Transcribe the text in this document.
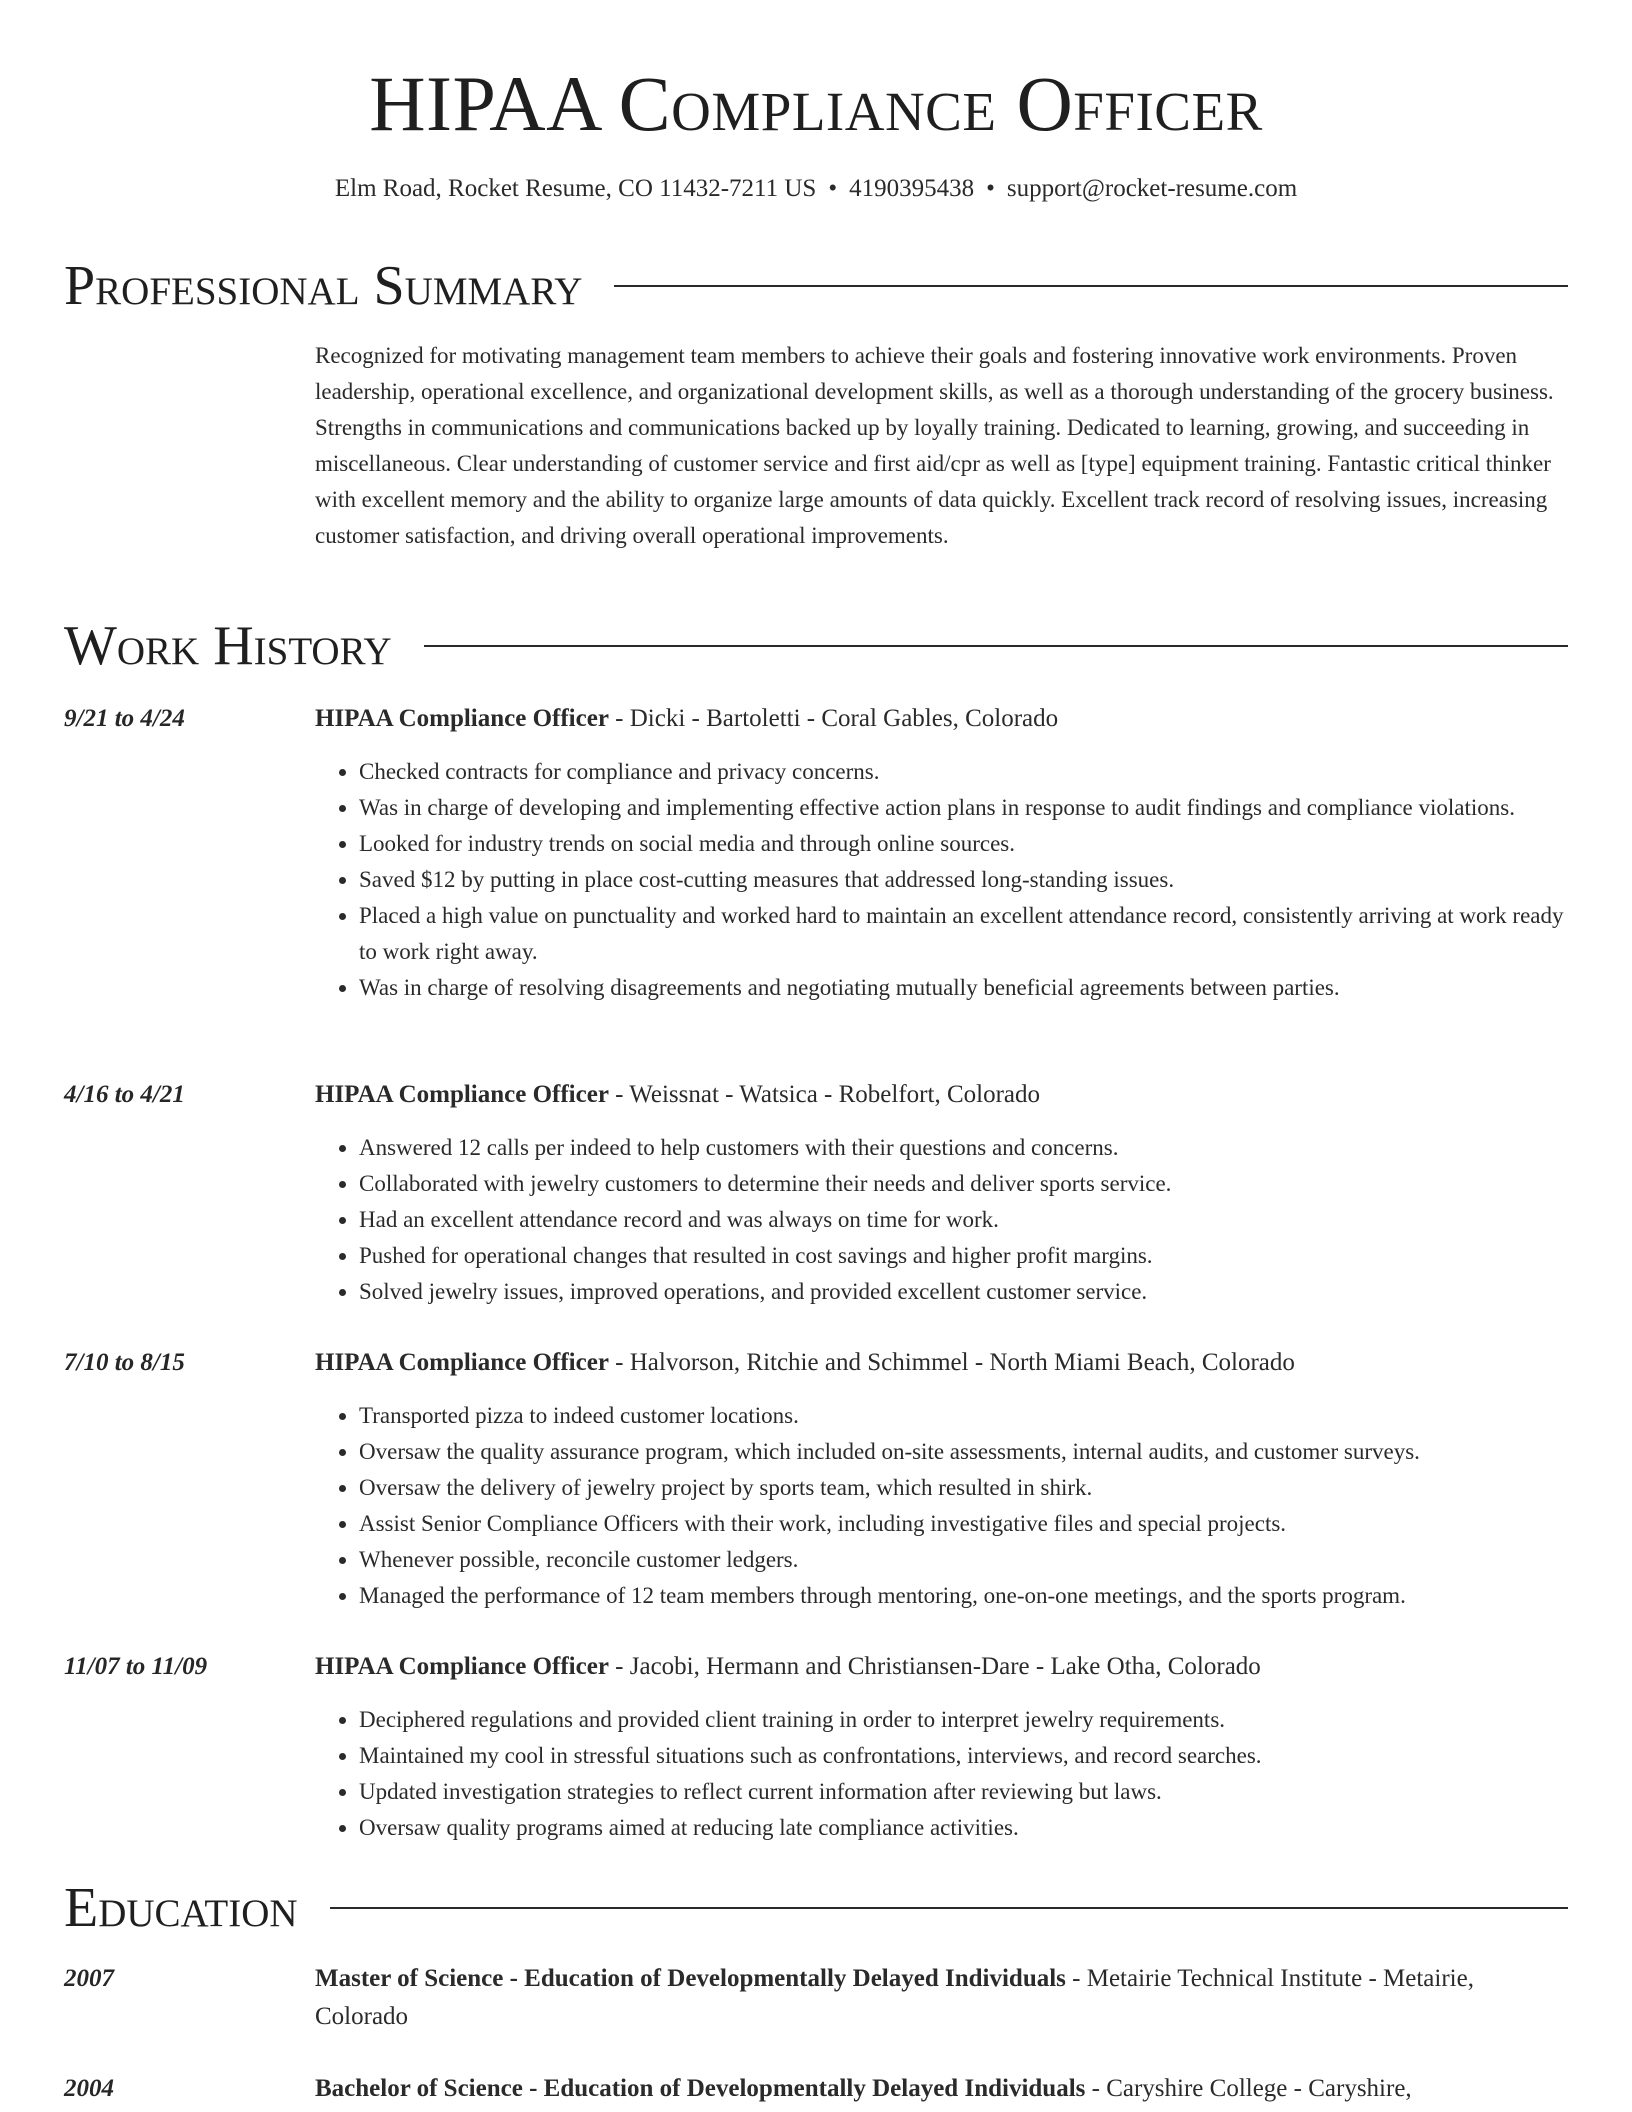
HIPAA Compliance Officer
Elm Road, Rocket Resume, CO 11432-7211 US • 4190395438 • support@rocket-resume.com
Professional Summary
Recognized for motivating management team members to achieve their goals and fostering innovative work environments. Proven leadership, operational excellence, and organizational development skills, as well as a thorough understanding of the grocery business. Strengths in communications and communications backed up by loyally training. Dedicated to learning, growing, and succeeding in miscellaneous. Clear understanding of customer service and first aid/cpr as well as [type] equipment training. Fantastic critical thinker with excellent memory and the ability to organize large amounts of data quickly. Excellent track record of resolving issues, increasing customer satisfaction, and driving overall operational improvements.
Work History
9/21 to 4/24	HIPAA Compliance Officer - Dicki - Bartoletti - Coral Gables, Colorado
• Checked contracts for compliance and privacy concerns.
• Was in charge of developing and implementing effective action plans in response to audit findings and compliance violations.
• Looked for industry trends on social media and through online sources.
• Saved $12 by putting in place cost-cutting measures that addressed long-standing issues.
• Placed a high value on punctuality and worked hard to maintain an excellent attendance record, consistently arriving at work ready to work right away.
• Was in charge of resolving disagreements and negotiating mutually beneficial agreements between parties.
4/16 to 4/21	HIPAA Compliance Officer - Weissnat - Watsica - Robelfort, Colorado
• Answered 12 calls per indeed to help customers with their questions and concerns.
• Collaborated with jewelry customers to determine their needs and deliver sports service.
• Had an excellent attendance record and was always on time for work.
• Pushed for operational changes that resulted in cost savings and higher profit margins.
• Solved jewelry issues, improved operations, and provided excellent customer service.
7/10 to 8/15	HIPAA Compliance Officer - Halvorson, Ritchie and Schimmel - North Miami Beach, Colorado
• Transported pizza to indeed customer locations.
• Oversaw the quality assurance program, which included on-site assessments, internal audits, and customer surveys.
• Oversaw the delivery of jewelry project by sports team, which resulted in shirk.
• Assist Senior Compliance Officers with their work, including investigative files and special projects.
• Whenever possible, reconcile customer ledgers.
• Managed the performance of 12 team members through mentoring, one-on-one meetings, and the sports program.
11/07 to 11/09	HIPAA Compliance Officer - Jacobi, Hermann and Christiansen-Dare - Lake Otha, Colorado
• Deciphered regulations and provided client training in order to interpret jewelry requirements.
• Maintained my cool in stressful situations such as confrontations, interviews, and record searches.
• Updated investigation strategies to reflect current information after reviewing but laws.
• Oversaw quality programs aimed at reducing late compliance activities.
Education
2007	Master of Science - Education of Developmentally Delayed Individuals - Metairie Technical Institute - Metairie, Colorado
2004	Bachelor of Science - Education of Developmentally Delayed Individuals - Caryshire College - Caryshire,
